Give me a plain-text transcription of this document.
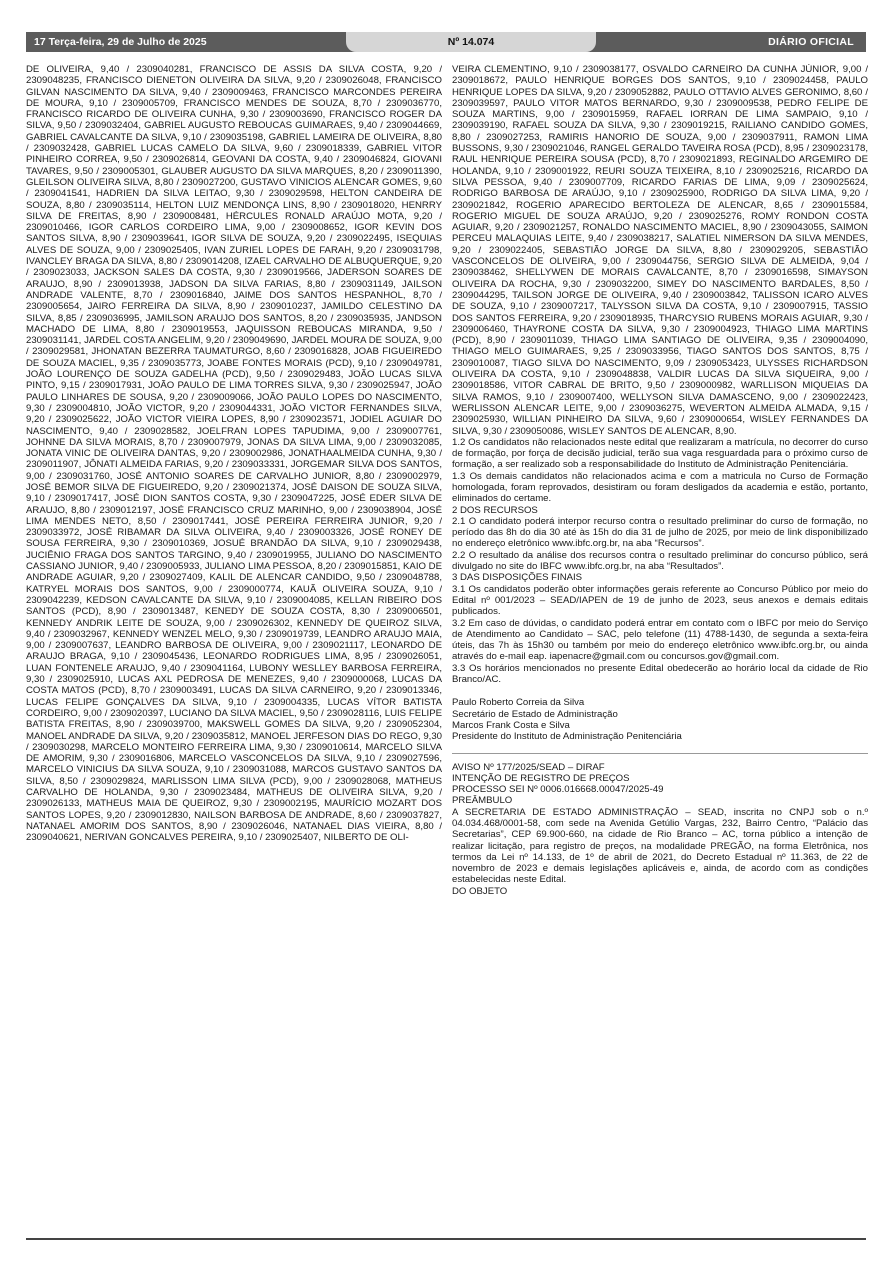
17 Terça-feira, 29 de Julho de 2025	Nº 14.074	DIÁRIO OFICIAL

DE OLIVEIRA, 9,40 / 2309040281, FRANCISCO DE ASSIS DA SILVA COSTA, 9,20 / 2309048235, FRANCISCO DIENETON OLIVEIRA DA SILVA, 9,20 / 2309026048, FRANCISCO GILVAN NASCIMENTO DA SILVA, 9,40 / 2309009463, FRANCISCO MARCONDES PEREIRA DE MOURA, 9,10 / 2309005709, FRANCISCO MENDES DE SOUZA, 8,70 / 2309036770, FRANCISCO RICARDO DE OLIVEIRA CUNHA, 9,30 / 2309003690, FRANCISCO ROGER DA SILVA, 9,50 / 2309032404, GABRIEL AUGUSTO REBOUCAS GUIMARAES, 9,40 / 2309044669, GABRIEL CAVALCANTE DA SILVA, 9,10 / 2309035198, GABRIEL LAMEIRA DE OLIVEIRA, 8,80 / 2309032428, GABRIEL LUCAS CAMELO DA SILVA, 9,60 / 2309018339, GABRIEL VITOR PINHEIRO CORREA, 9,50 / 2309026814, GEOVANI DA COSTA, 9,40 / 2309046824, GIOVANI TAVARES, 9,50 / 2309005301, GLAUBER AUGUSTO DA SILVA MARQUES, 8,20 / 2309011390, GLEILSON OLIVEIRA SILVA, 8,80 / 2309027200, GUSTAVO VINICIOS ALENCAR GOMES, 9,60 / 2309041541, HADRIEN DA SILVA LEITAO, 9,30 / 2309029598, HELTON CANDEIRA DE SOUZA, 8,80 / 2309035114, HELTON LUIZ MENDONÇA LINS, 8,90 / 2309018020, HENRRY SILVA DE FREITAS, 8,90 / 2309008481, HÉRCULES RONALD ARAÚJO MOTA, 9,20 / 2309010466, IGOR CARLOS CORDEIRO LIMA, 9,00 / 2309008652, IGOR KEVIN DOS SANTOS SILVA, 8,90 / 2309039641, IGOR SILVA DE SOUZA, 9,20 / 2309022495, ISEQUIAS ALVES DE SOUZA, 9,00 / 2309025405, IVAN ZURIEL LOPES DE FARAH, 9,20 / 2309031798, IVANCLEY BRAGA DA SILVA, 8,80 / 2309014208, IZAEL CARVALHO DE ALBUQUERQUE, 9,20 / 2309023033, JACKSON SALES DA COSTA, 9,30 / 2309019566, JADERSON SOARES DE ARAUJO, 8,90 / 2309013938, JADSON DA SILVA FARIAS, 8,80 / 2309031149, JAILSON ANDRADE VALENTE, 8,70 / 2309016840, JAIME DOS SANTOS HESPANHOL, 8,70 / 2309005654, JAIRO FERREIRA DA SILVA, 8,90 / 2309010237, JAMILDO CELESTINO DA SILVA, 8,85 / 2309036995, JAMILSON ARAUJO DOS SANTOS, 8,20 / 2309035935, JANDSON MACHADO DE LIMA, 8,80 / 2309019553, JAQUISSON REBOUCAS MIRANDA, 9,50 / 2309031141, JARDEL COSTA ANGELIM, 9,20 / 2309049690, JARDEL MOURA DE SOUZA, 9,00 / 2309029581, JHONATAN BEZERRA TAUMATURGO, 8,60 / 2309016828, JOAB FIGUEIREDO DE SOUZA MACIEL, 9,35 / 2309035773, JOABE FONTES MORAIS (PCD), 9,10 / 2309049781, JOÃO LOURENÇO DE SOUZA GADELHA (PCD), 9,50 / 2309029483, JOÃO LUCAS SILVA PINTO, 9,15 / 2309017931, JOÃO PAULO DE LIMA TORRES SILVA, 9,30 / 2309025947, JOÃO PAULO LINHARES DE SOUSA, 9,20 / 2309009066, JOÃO PAULO LOPES DO NASCIMENTO, 9,30 / 2309004810, JOÃO VICTOR, 9,20 / 2309044331, JOÃO VICTOR FERNANDES SILVA, 9,20 / 2309025622, JOÃO VICTOR VIEIRA LOPES, 8,90 / 2309023571, JODIEL AGUIAR DO NASCIMENTO, 9,40 / 2309028582, JOELFRAN LOPES TAPUDIMA, 9,00 / 2309007761, JOHNNE DA SILVA MORAIS, 8,70 / 2309007979, JONAS DA SILVA LIMA, 9,00 / 2309032085, JONATA VINIC DE OLIVEIRA DANTAS, 9,20 / 2309002986, JONATHAALMEIDA CUNHA, 9,30 / 2309011907, JÔNATI ALMEIDA FARIAS, 9,20 / 2309033331, JORGEMAR SILVA DOS SANTOS, 9,00 / 2309031760, JOSÉ ANTONIO SOARES DE CARVALHO JUNIOR, 8,80 / 2309002979, JOSÉ BEMOR SILVA DE FIGUEIREDO, 9,20 / 2309021374, JOSÉ DAISON DE SOUZA SILVA, 9,10 / 2309017417, JOSÉ DION SANTOS COSTA, 9,30 / 2309047225, JOSÉ EDER SILVA DE ARAUJO, 8,80 / 2309012197, JOSÉ FRANCISCO CRUZ MARINHO, 9,00 / 2309038904, JOSÉ LIMA MENDES NETO, 8,50 / 2309017441, JOSÉ PEREIRA FERREIRA JUNIOR, 9,20 / 2309033972, JOSÉ RIBAMAR DA SILVA OLIVEIRA, 9,40 / 2309003326, JOSÉ RONEY DE SOUSA FERREIRA, 9,30 / 2309010369, JOSUÉ BRANDÃO DA SILVA, 9,10 / 2309029438, JUCIÊNIO FRAGA DOS SANTOS TARGINO, 9,40 / 2309019955, JULIANO DO NASCIMENTO CASSIANO JUNIOR, 9,40 / 2309005933, JULIANO LIMA PESSOA, 8,20 / 2309015851, KAIO DE ANDRADE AGUIAR, 9,20 / 2309027409, KALIL DE ALENCAR CANDIDO, 9,50 / 2309048788, KATRYEL MORAIS DOS SANTOS, 9,00 / 2309000774, KAUÃ OLIVEIRA SOUZA, 9,10 / 2309042239, KEDSON CAVALCANTE DA SILVA, 9,10 / 2309004085, KELLAN RIBEIRO DOS SANTOS (PCD), 8,90 / 2309013487, KENEDY DE SOUZA COSTA, 8,30 / 2309006501, KENNEDY ANDRIK LEITE DE SOUZA, 9,00 / 2309026302, KENNEDY DE QUEIROZ SILVA, 9,40 / 2309032967, KENNEDY WENZEL MELO, 9,30 / 2309019739, LEANDRO ARAUJO MAIA, 9,00 / 2309007637, LEANDRO BARBOSA DE OLIVEIRA, 9,00 / 2309021117, LEONARDO DE ARAUJO BRAGA, 9,10 / 2309045436, LEONARDO RODRIGUES LIMA, 8,95 / 2309026051, LUAN FONTENELE ARAUJO, 9,40 / 2309041164, LUBONY WESLLEY BARBOSA FERREIRA, 9,30 / 2309025910, LUCAS AXL PEDROSA DE MENEZES, 9,40 / 2309000068, LUCAS DA COSTA MATOS (PCD), 8,70 / 2309003491, LUCAS DA SILVA CARNEIRO, 9,20 / 2309013346, LUCAS FELIPE GONÇALVES DA SILVA, 9,10 / 2309004335, LUCAS VÍTOR BATISTA CORDEIRO, 9,00 / 2309020397, LUCIANO DA SILVA MACIEL, 9,50 / 2309028116, LUIS FELIPE BATISTA FREITAS, 8,90 / 2309039700, MAKSWELL GOMES DA SILVA, 9,20 / 2309052304, MANOEL ANDRADE DA SILVA, 9,20 / 2309035812, MANOEL JERFESON DIAS DO REGO, 9,30 / 2309030298, MARCELO MONTEIRO FERREIRA LIMA, 9,30 / 2309010614, MARCELO SILVA DE AMORIM, 9,30 / 2309016806, MARCELO VASCONCELOS DA SILVA, 9,10 / 2309027596, MARCELO VINICIUS DA SILVA SOUZA, 9,10 / 2309031088, MARCOS GUSTAVO SANTOS DA SILVA, 8,50 / 2309029824, MARLISSON LIMA SILVA (PCD), 9,00 / 2309028068, MATHEUS CARVALHO DE HOLANDA, 9,30 / 2309023484, MATHEUS DE OLIVEIRA SILVA, 9,20 / 2309026133, MATHEUS MAIA DE QUEIROZ, 9,30 / 2309002195, MAURÍCIO MOZART DOS SANTOS LOPES, 9,20 / 2309012830, NAILSON BARBOSA DE ANDRADE, 8,60 / 2309037827, NATANAEL AMORIM DOS SANTOS, 8,90 / 2309026046, NATANAEL DIAS VIEIRA, 8,80 / 2309040621, NERIVAN GONCALVES PEREIRA, 9,10 / 2309025407, NILBERTO DE OLI-

VEIRA CLEMENTINO, 9,10 / 2309038177, OSVALDO CARNEIRO DA CUNHA JÚNIOR, 9,00 / 2309018672, PAULO HENRIQUE BORGES DOS SANTOS, 9,10 / 2309024458, PAULO HENRIQUE LOPES DA SILVA, 9,20 / 2309052882, PAULO OTTAVIO ALVES GERONIMO, 8,60 / 2309039597, PAULO VITOR MATOS BERNARDO, 9,30 / 2309009538, PEDRO FELIPE DE SOUZA MARTINS, 9,00 / 2309015959, RAFAEL IORRAN DE LIMA SAMPAIO, 9,10 / 2309039190, RAFAEL SOUZA DA SILVA, 9,30 / 2309019215, RAILIANO CANDIDO GOMES, 8,80 / 2309027253, RAMIRIS HANORIO DE SOUZA, 9,00 / 2309037911, RAMON LIMA BUSSONS, 9,30 / 2309021046, RANGEL GERALDO TAVEIRA ROSA (PCD), 8,95 / 2309023178, RAUL HENRIQUE PEREIRA SOUSA (PCD), 8,70 / 2309021893, REGINALDO ARGEMIRO DE HOLANDA, 9,10 / 2309001922, REURI SOUZA TEIXEIRA, 8,10 / 2309025216, RICARDO DA SILVA PESSOA, 9,40 / 2309007709, RICARDO FARIAS DE LIMA, 9,09 / 2309025624, RODRIGO BARBOSA DE ARAÚJO, 9,10 / 2309025900, RODRIGO DA SILVA LIMA, 9,20 / 2309021842, ROGERIO APARECIDO BERTOLEZA DE ALENCAR, 8,65 / 2309015584, ROGERIO MIGUEL DE SOUZA ARAÚJO, 9,20 / 2309025276, ROMY RONDON COSTA AGUIAR, 9,20 / 2309021257, RONALDO NASCIMENTO MACIEL, 8,90 / 2309043055, SAIMON PERCEU MALAQUIAS LEITE, 9,40 / 2309038217, SALATIEL NIMERSON DA SILVA MENDES, 9,20 / 2309022405, SEBASTIÃO JORGE DA SILVA, 8,80 / 2309029205, SEBASTIÃO VASCONCELOS DE OLIVEIRA, 9,00 / 2309044756, SERGIO SILVA DE ALMEIDA, 9,04 / 2309038462, SHELLYWEN DE MORAIS CAVALCANTE, 8,70 / 2309016598, SIMAYSON OLIVEIRA DA ROCHA, 9,30 / 2309032200, SIMEY DO NASCIMENTO BARDALES, 8,50 / 2309044295, TAILSON JORGE DE OLIVEIRA, 9,40 / 2309003842, TALISSON ICARO ALVES DE SOUZA, 9,10 / 2309007217, TALYSSON SILVA DA COSTA, 9,10 / 2309007915, TASSIO DOS SANTOS FERREIRA, 9,20 / 2309018935, THARCYSIO RUBENS MORAIS AGUIAR, 9,30 / 2309006460, THAYRONE COSTA DA SILVA, 9,30 / 2309004923, THIAGO LIMA MARTINS (PCD), 8,90 / 2309011039, THIAGO LIMA SANTIAGO DE OLIVEIRA, 9,35 / 2309004090, THIAGO MELO GUIMARAES, 9,25 / 2309033956, TIAGO SANTOS DOS SANTOS, 8,75 / 2309010087, TIAGO SILVA DO NASCIMENTO, 9,09 / 2309053423, ULYSSES RICHARDSON OLIVEIRA DA COSTA, 9,10 / 2309048838, VALDIR LUCAS DA SILVA SIQUEIRA, 9,00 / 2309018586, VITOR CABRAL DE BRITO, 9,50 / 2309000982, WARLLISON MIQUEIAS DA SILVA RAMOS, 9,10 / 2309007400, WELLYSON SILVA DAMASCENO, 9,00 / 2309022423, WERLISSON ALENCAR LEITE, 9,00 / 2309036275, WEVERTON ALMEIDA ALMADA, 9,15 / 2309025930, WILLIAN PINHEIRO DA SILVA, 9,60 / 2309000654, WISLEY FERNANDES DA SILVA, 9,30 / 2309050086, WISLEY SANTOS DE ALENCAR, 8,90.

1.2 Os candidatos não relacionados neste edital que realizaram a matrícula, no decorrer do curso de formação, por força de decisão judicial, terão sua vaga resguardada para o próximo curso de formação, a ser realizado sob a responsabilidade do Instituto de Administração Penitenciária.

1.3 Os demais candidatos não relacionados acima e com a matricula no Curso de Formação homologada, foram reprovados, desistiram ou foram desligados da academia e estão, portanto, eliminados do certame.

2 DOS RECURSOS

2.1 O candidato poderá interpor recurso contra o resultado preliminar do curso de formação, no período das 8h do dia 30 até às 15h do dia 31 de julho de 2025, por meio de link disponibilizado no endereço eletrônico www.ibfc.org.br, na aba “Recursos”.

2.2 O resultado da análise dos recursos contra o resultado preliminar do concurso público, será divulgado no site do IBFC www.ibfc.org.br, na aba “Resultados”.

3 DAS DISPOSIÇÕES FINAIS

3.1 Os candidatos poderão obter informações gerais referente ao Concurso Público por meio do Edital nº 001/2023 – SEAD/IAPEN de 19 de junho de 2023, seus anexos e demais editais publicados.

3.2 Em caso de dúvidas, o candidato poderá entrar em contato com o IBFC por meio do Serviço de Atendimento ao Candidato – SAC, pelo telefone (11) 4788-1430, de segunda a sexta-feira úteis, das 7h às 15h30 ou também por meio do endereço eletrônico www.ibfc.org.br, ou ainda através do e-mail eap. iapenacre@gmail.com ou concursos.gov@gmail.com.

3.3 Os horários mencionados no presente Edital obedecerão ao horário local da cidade de Rio Branco/AC.

Paulo Roberto Correia da Silva

Secretário de Estado de Administração

Marcos Frank Costa e Silva

Presidente do Instituto de Administração Penitenciária

AVISO Nº 177/2025/SEAD – DIRAF

INTENÇÃO DE REGISTRO DE PREÇOS

PROCESSO SEI Nº 0006.016668.00047/2025-49

PREÂMBULO

A SECRETARIA DE ESTADO ADMINISTRAÇÃO – SEAD, inscrita no CNPJ sob o n.º 04.034.468/0001-58, com sede na Avenida Getúlio Vargas, 232, Bairro Centro, “Palácio das Secretarias”, CEP 69.900-660, na cidade de Rio Branco – AC, torna público a intenção de realizar licitação, para registro de preços, na modalidade PREGÃO, na forma Eletrônica, nos termos da Lei nº 14.133, de 1º de abril de 2021, do Decreto Estadual nº 11.363, de 22 de novembro de 2023 e demais legislações aplicáveis e, ainda, de acordo com as condições estabelecidas neste Edital.

DO OBJETO
